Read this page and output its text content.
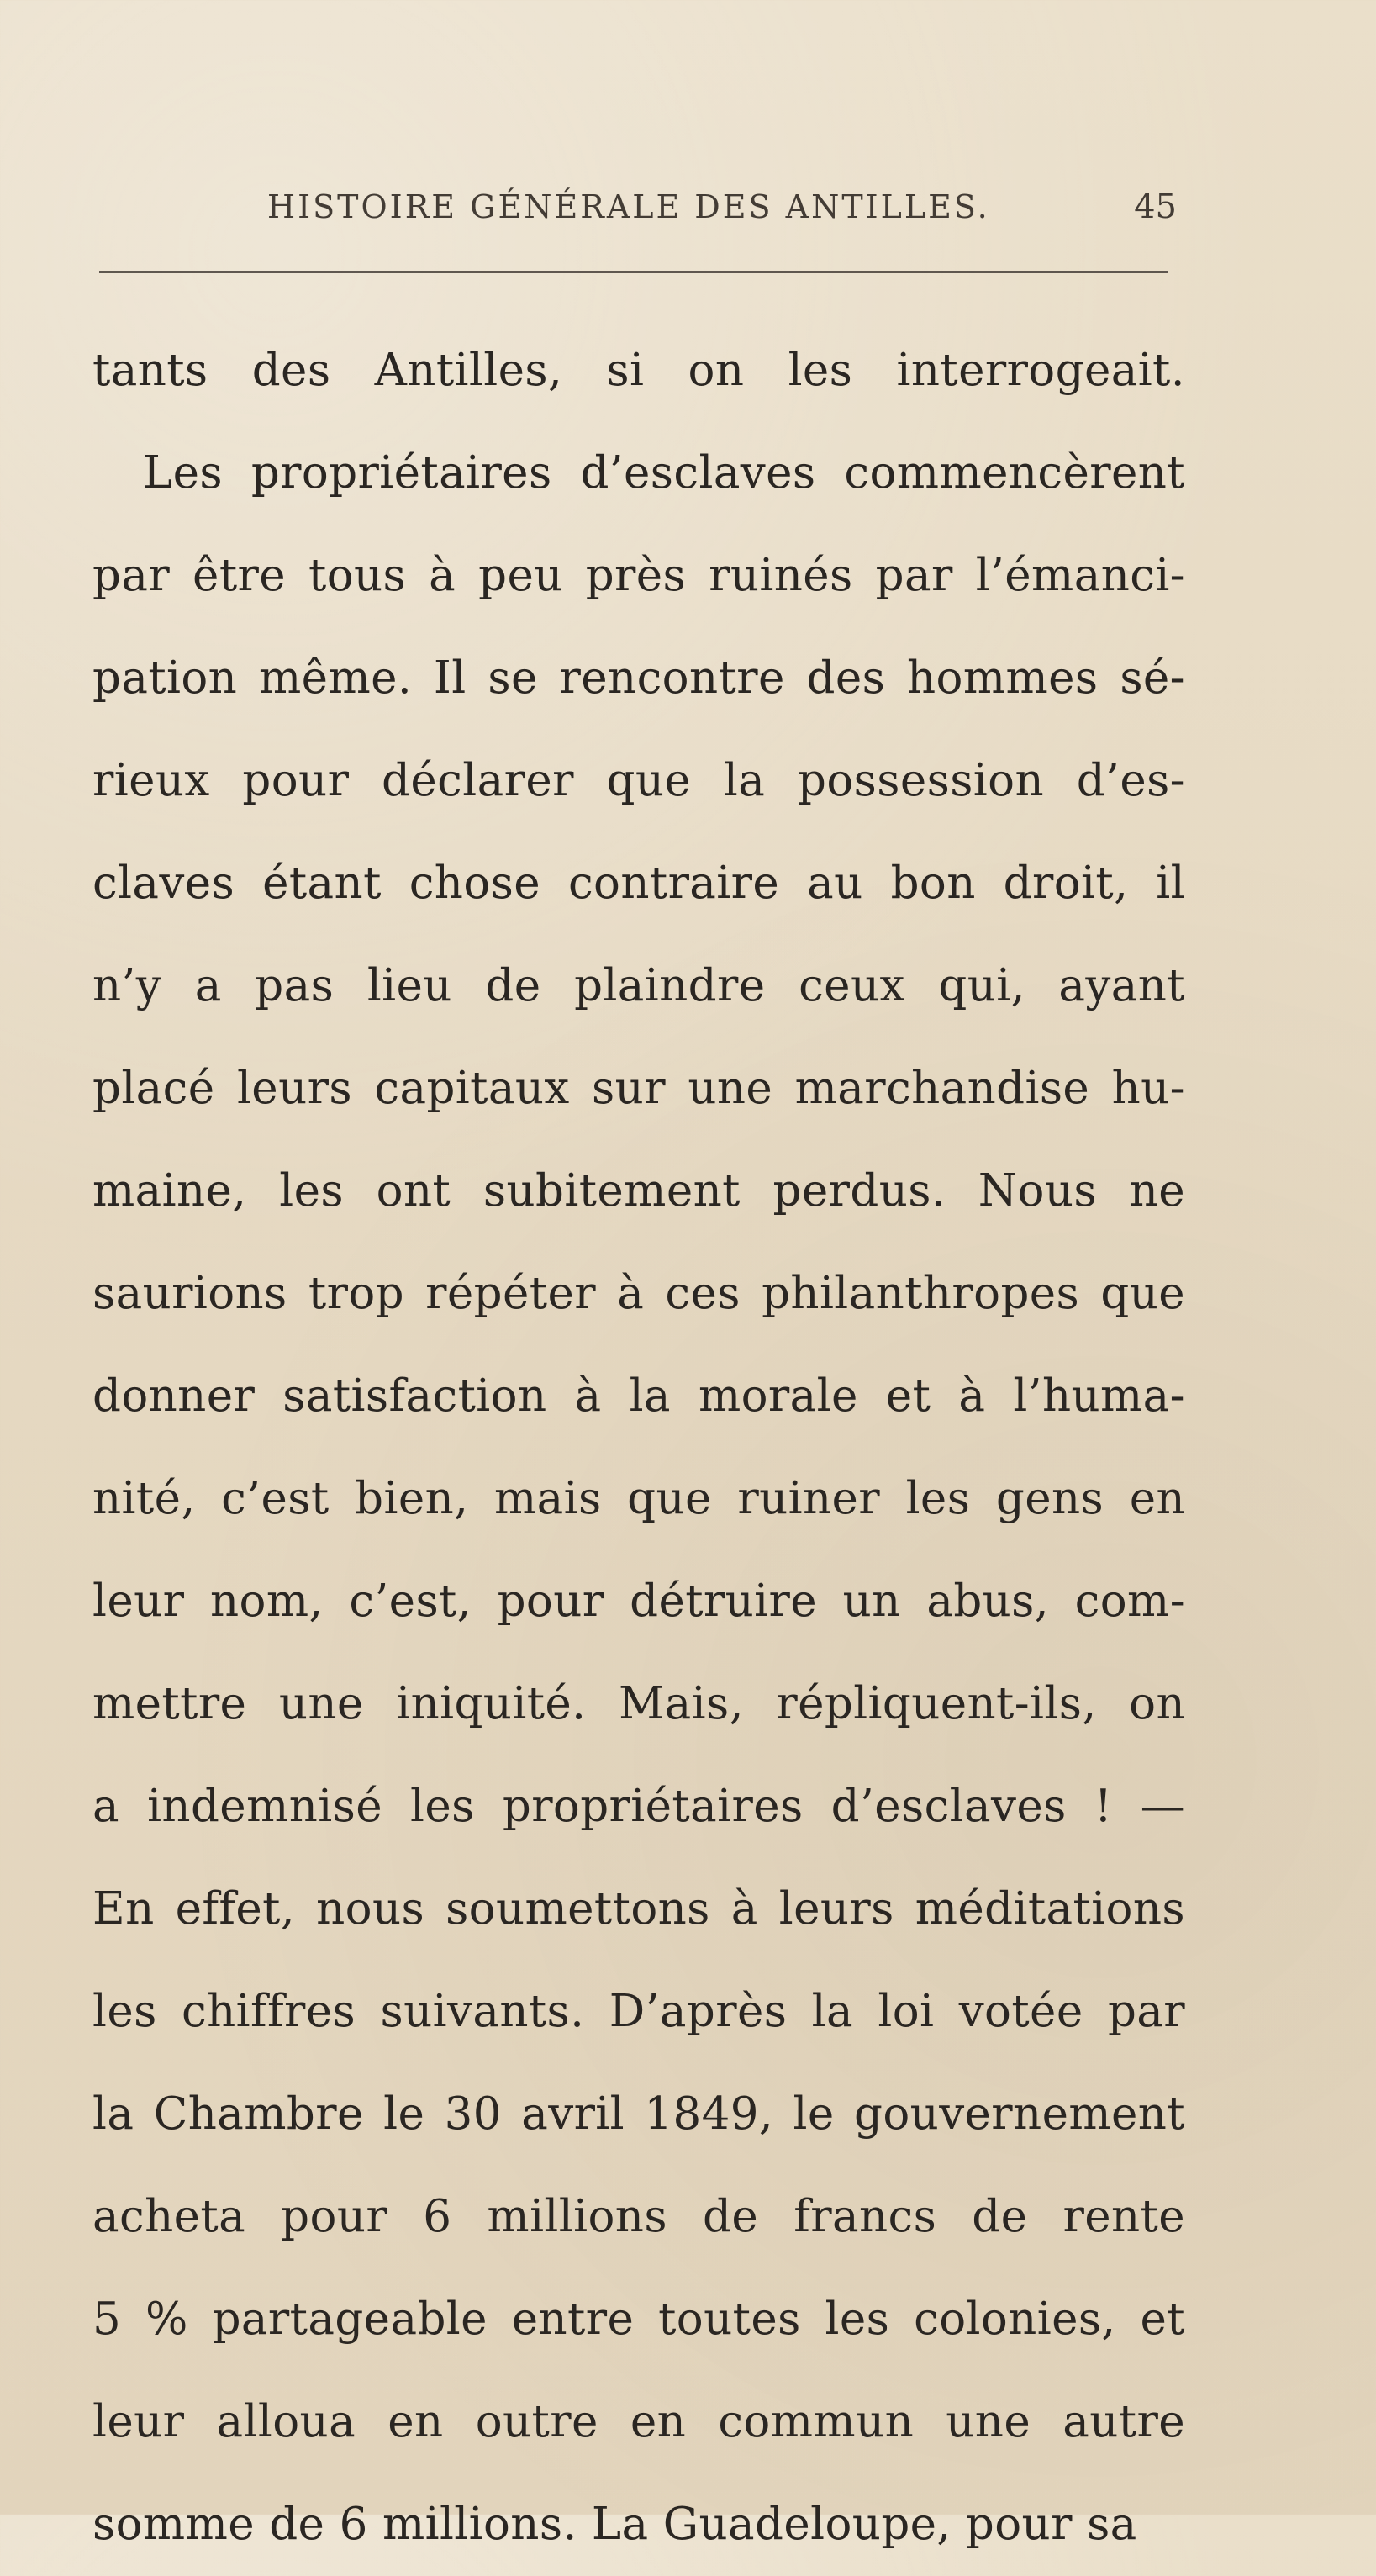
HISTOIRE GÉNÉRALE DES ANTILLES.	45
tants des Antilles, si on les interrogeait.
Les propriétaires d’esclaves commencèrent
par être tous à peu près ruinés par l’émanci-
pation même. Il se rencontre des hommes sé-
rieux pour déclarer que la possession d’es-
claves étant chose contraire au bon droit, il
n’y a pas lieu de plaindre ceux qui, ayant
placé leurs capitaux sur une marchandise hu-
maine, les ont subitement perdus. Nous ne
saurions trop répéter à ces philanthropes que
donner satisfaction à la morale et à l’huma-
nité, c’est bien, mais que ruiner les gens en
leur nom, c’est, pour détruire un abus, com-
mettre une iniquité. Mais, répliquent-ils, on
a indemnisé les propriétaires d’esclaves ! —
En effet, nous soumettons à leurs méditations
les chiffres suivants. D’après la loi votée par
la Chambre le 30 avril 1849, le gouvernement
acheta pour 6 millions de francs de rente
5 % partageable entre toutes les colonies, et
leur alloua en outre en commun une autre
somme de 6 millions. La Guadeloupe, pour sa
